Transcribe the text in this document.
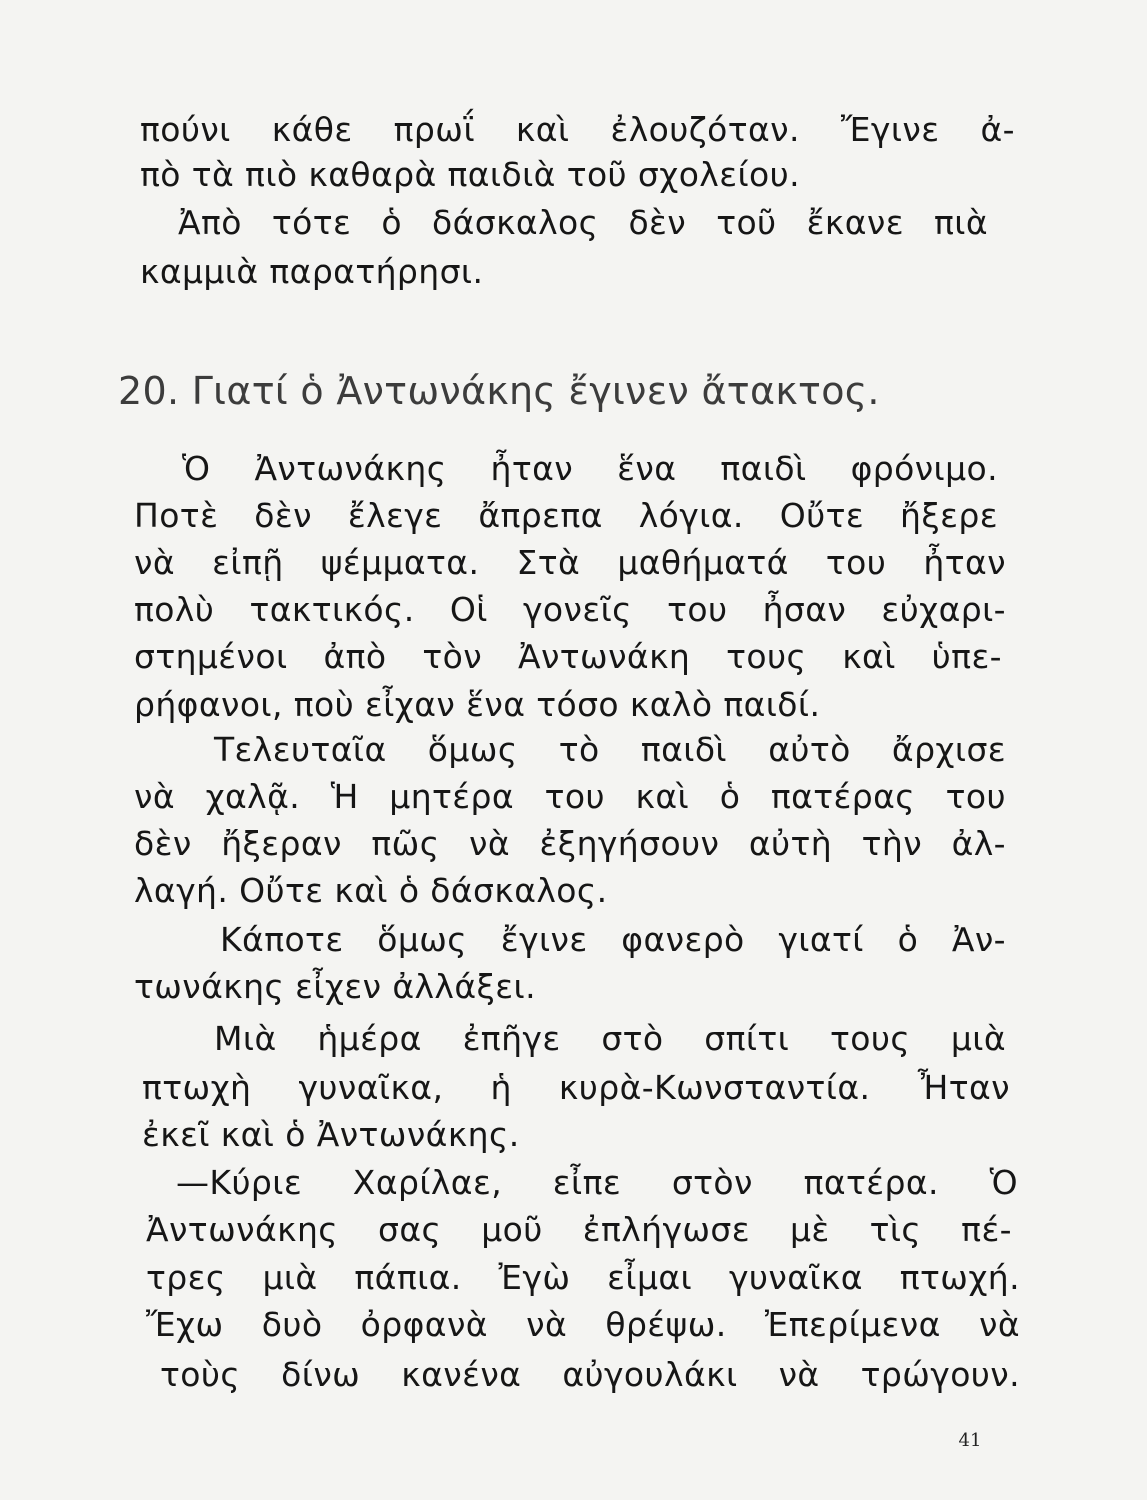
πούνι κάθε πρωΐ καὶ ἐλουζόταν. Ἔγινε ἀ-
πὸ τὰ πιὸ καθαρὰ παιδιὰ τοῦ σχολείου.
Ἀπὸ τότε ὁ δάσκαλος δὲν τοῦ ἔκανε πιὰ
καμμιὰ παρατήρησι.
20. Γιατί ὁ Ἀντωνάκης ἔγινεν ἄτακτος.
Ὁ Ἀντωνάκης ἦταν ἕνα παιδὶ φρόνιμο.
Ποτὲ δὲν ἔλεγε ἄπρεπα λόγια. Οὔτε ἤξερε
νὰ εἰπῇ ψέμματα. Στὰ μαθήματά του ἦταν
πολὺ τακτικός. Οἱ γονεῖς του ἦσαν εὐχαρι-
στημένοι ἀπὸ τὸν Ἀντωνάκη τους καὶ ὑπε-
ρήφανοι, ποὺ εἶχαν ἕνα τόσο καλὸ παιδί.
Τελευταῖα ὅμως τὸ παιδὶ αὐτὸ ἄρχισε
νὰ χαλᾷ. Ἡ μητέρα του καὶ ὁ πατέρας του
δὲν ἤξεραν πῶς νὰ ἐξηγήσουν αὐτὴ τὴν ἀλ-
λαγή. Οὔτε καὶ ὁ δάσκαλος.
Κάποτε ὅμως ἔγινε φανερὸ γιατί ὁ Ἀν-
τωνάκης εἶχεν ἀλλάξει.
Μιὰ ἡμέρα ἐπῆγε στὸ σπίτι τους μιὰ
πτωχὴ γυναῖκα, ἡ κυρὰ-Κωνσταντία. Ἦταν
ἐκεῖ καὶ ὁ Ἀντωνάκης.
—Κύριε Χαρίλαε, εἶπε στὸν πατέρα. Ὁ
Ἀντωνάκης σας μοῦ ἐπλήγωσε μὲ τὶς πέ-
τρες μιὰ πάπια. Ἐγὼ εἶμαι γυναῖκα πτωχή.
Ἔχω δυὸ ὀρφανὰ νὰ θρέψω. Ἐπερίμενα νὰ
τοὺς δίνω κανένα αὐγουλάκι νὰ τρώγουν.
41
